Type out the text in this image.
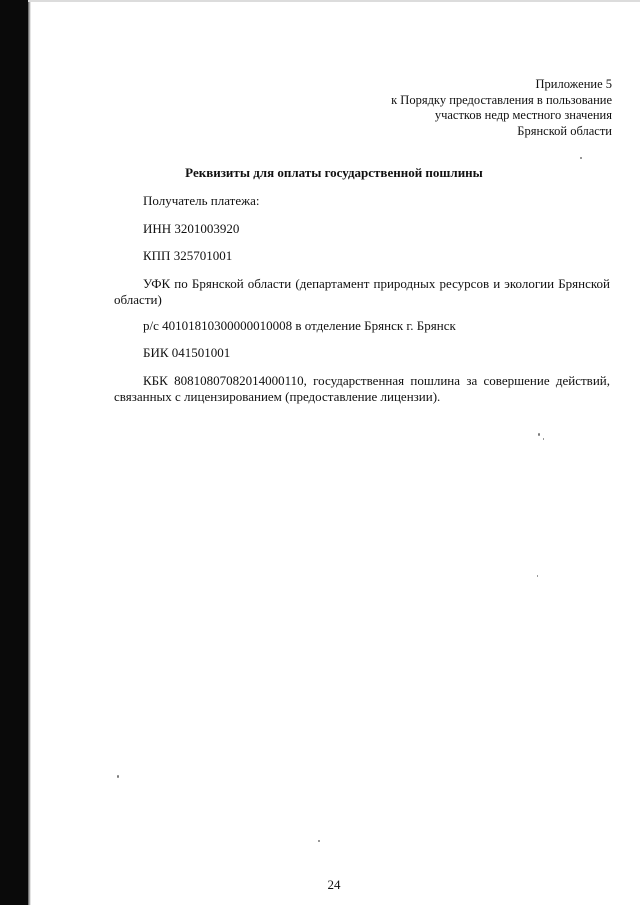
Приложение 5
к Порядку предоставления в пользование
участков недр местного значения
Брянской области
Реквизиты для оплаты государственной пошлины
Получатель платежа:
ИНН 3201003920
КПП 325701001
УФК по Брянской области (департамент природных ресурсов и экологии Брянской области)
р/с 40101810300000010008 в отделение Брянск г. Брянск
БИК 041501001
КБК 80810807082014000110, государственная пошлина за совершение действий, связанных с лицензированием (предоставление лицензии).
24
